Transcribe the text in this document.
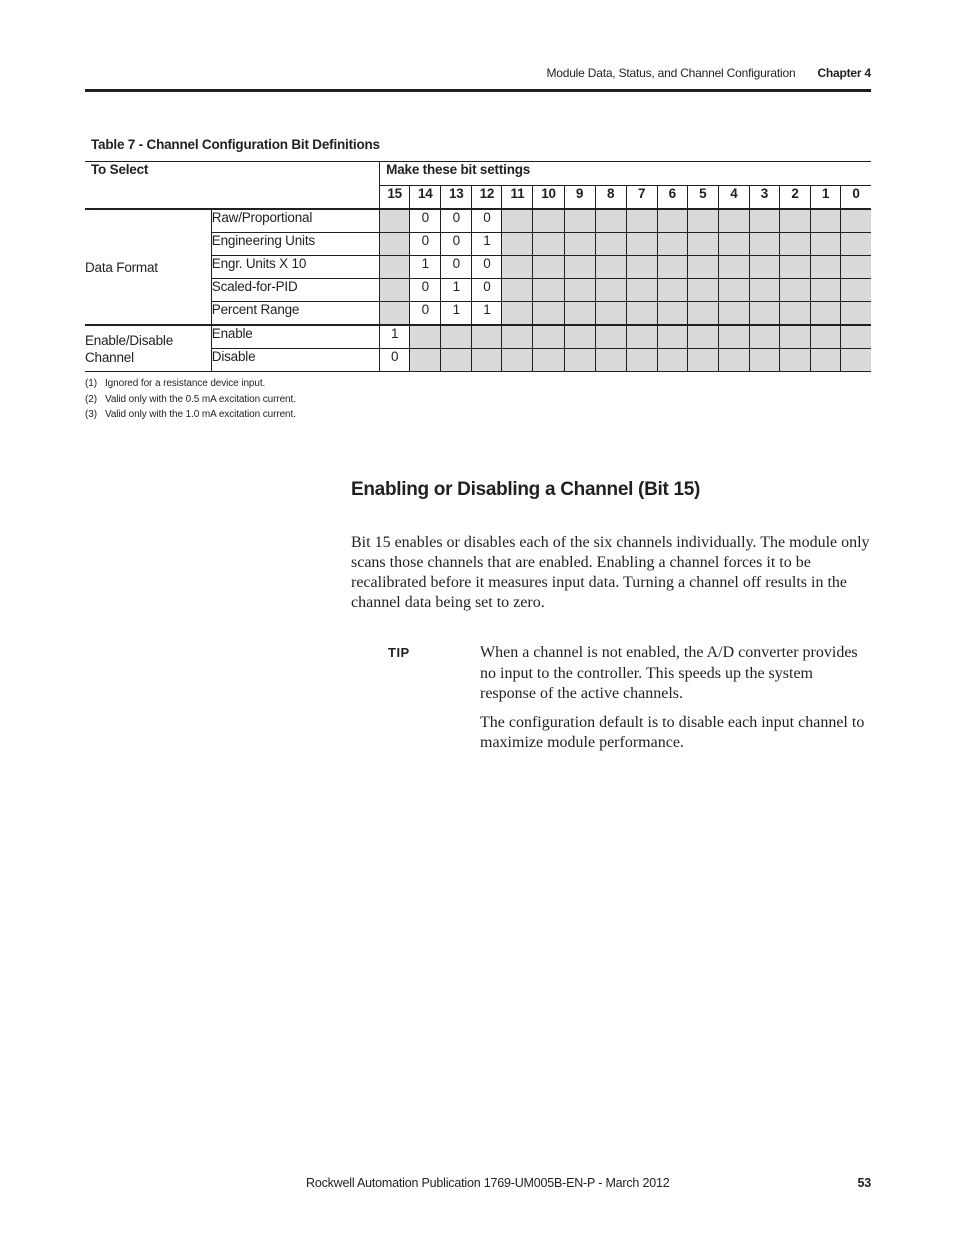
Module Data, Status, and Channel Configuration Chapter 4
Table 7 - Channel Configuration Bit Definitions
To Select		Make these bit settings															
		15	14	13	12	11	10	9	8	7	6	5	4	3	2	1	0
Data Format	Raw/Proportional		0	0	0												
	Engineering Units		0	0	1												
	Engr. Units X 10		1	0	0												
	Scaled-for-PID		0	1	0												
	Percent Range		0	1	1												
Enable/Disable Channel	Enable	1															
	Disable	0															
(1) Ignored for a resistance device input.
(2) Valid only with the 0.5 mA excitation current.
(3) Valid only with the 1.0 mA excitation current.
Enabling or Disabling a Channel (Bit 15)
Bit 15 enables or disables each of the six channels individually. The module only scans those channels that are enabled. Enabling a channel forces it to be recalibrated before it measures input data. Turning a channel off results in the channel data being set to zero.
TIP	When a channel is not enabled, the A/D converter provides no input to the controller. This speeds up the system response of the active channels.

The configuration default is to disable each input channel to maximize module performance.

Rockwell Automation Publication 1769-UM005B-EN-P - March 2012	53
